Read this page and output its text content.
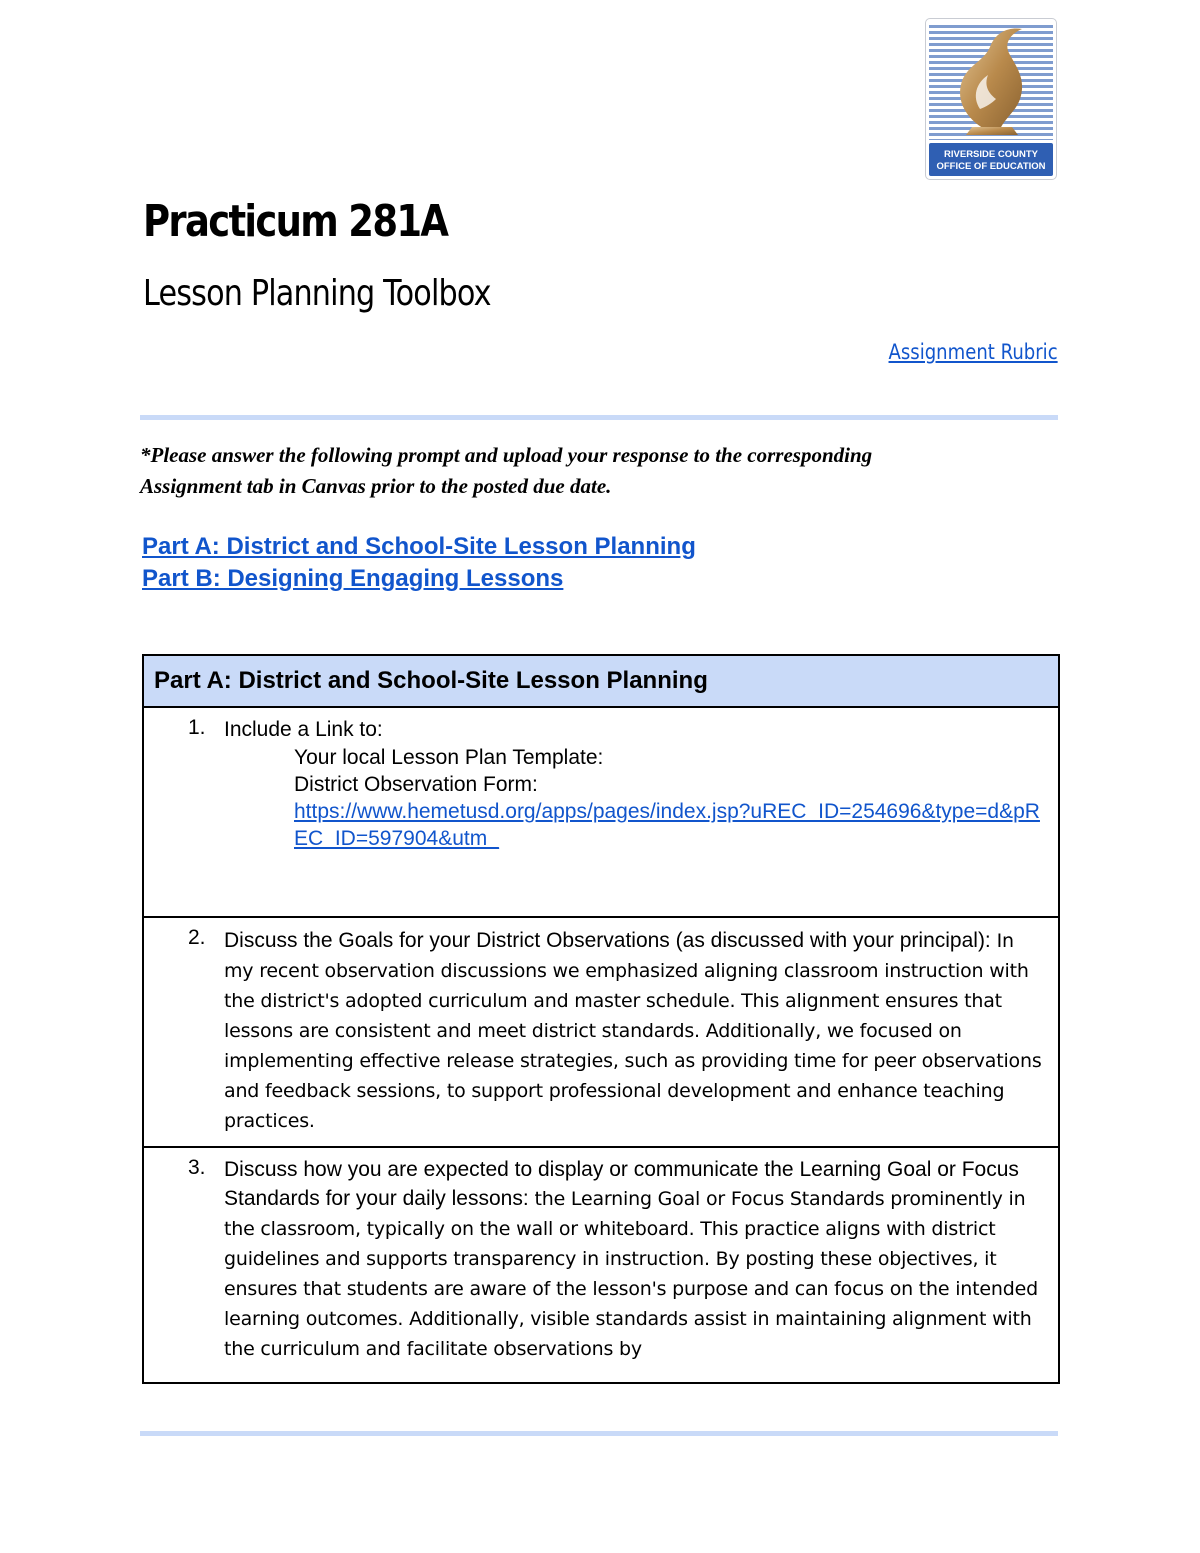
RIVERSIDE COUNTY
OFFICE OF EDUCATION
Practicum 281A
Lesson Planning Toolbox
Assignment Rubric

*Please answer the following prompt and upload your response to the corresponding
Assignment tab in Canvas prior to the posted due date.

Part A: District and School-Site Lesson Planning
Part B: Designing Engaging Lessons
Part A: District and School-Site Lesson Planning

1. Include a Link to:
Your local Lesson Plan Template:
District Observation Form:
https://www.hemetusd.org/apps/pages/index.jsp?uREC_ID=254696&type=d&pREC_ID=597904&utm_

2. Discuss the Goals for your District Observations (as discussed with your principal): In my recent observation discussions we emphasized aligning classroom instruction with the district's adopted curriculum and master schedule. This alignment ensures that lessons are consistent and meet district standards. Additionally, we focused on implementing effective release strategies, such as providing time for peer observations and feedback sessions, to support professional development and enhance teaching practices.

3. Discuss how you are expected to display or communicate the Learning Goal or Focus Standards for your daily lessons: the Learning Goal or Focus Standards prominently in the classroom, typically on the wall or whiteboard. This practice aligns with district guidelines and supports transparency in instruction. By posting these objectives, it ensures that students are aware of the lesson's purpose and can focus on the intended learning outcomes. Additionally, visible standards assist in maintaining alignment with the curriculum and facilitate observations by
